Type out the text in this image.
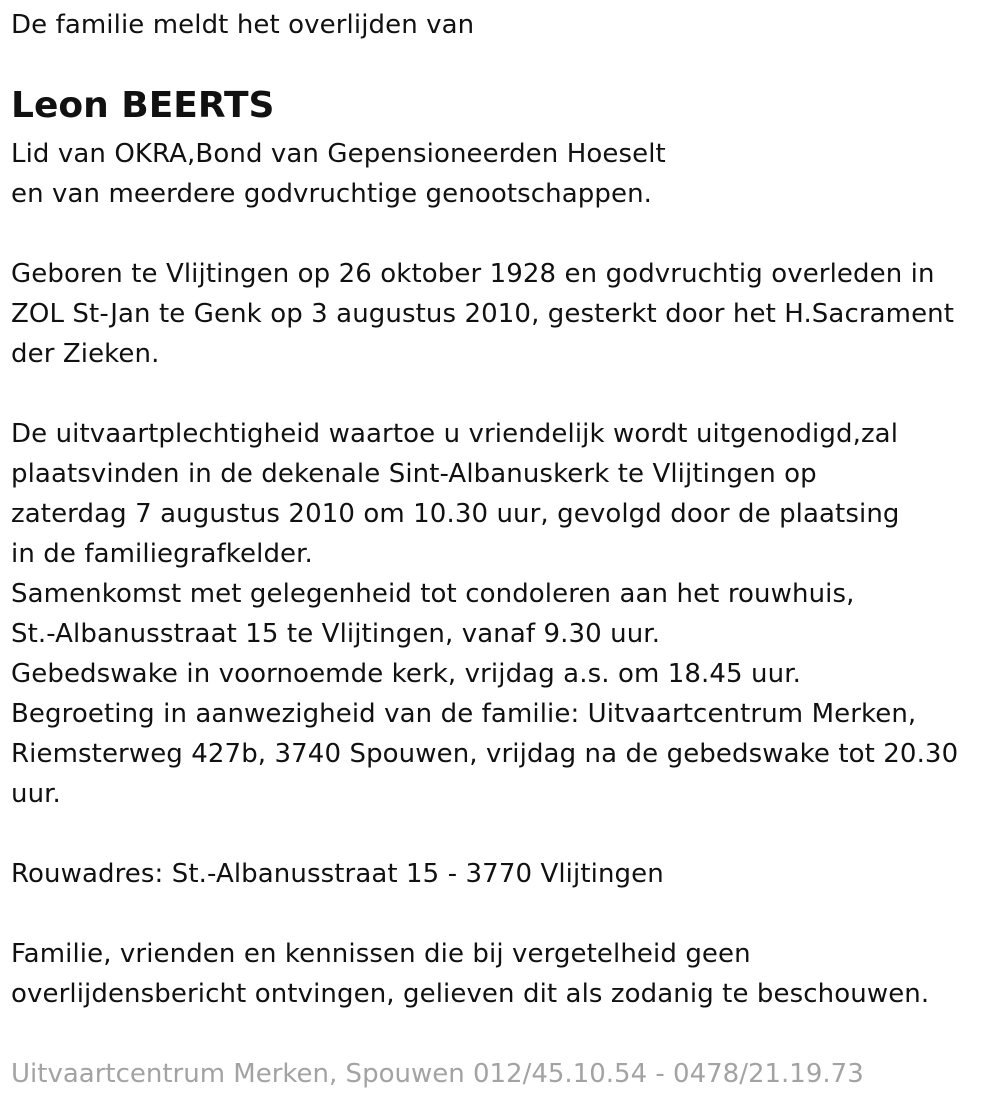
De familie meldt het overlijden van
Leon BEERTS
Lid van OKRA,Bond van Gepensioneerden Hoeselt
en van meerdere godvruchtige genootschappen.
Geboren te Vlijtingen op 26 oktober 1928 en godvruchtig overleden in
ZOL St-Jan te Genk op 3 augustus 2010, gesterkt door het H.Sacrament
der Zieken.
De uitvaartplechtigheid waartoe u vriendelijk wordt uitgenodigd,zal
plaatsvinden in de dekenale Sint-Albanuskerk te Vlijtingen op
zaterdag 7 augustus 2010 om 10.30 uur, gevolgd door de plaatsing
in de familiegrafkelder.
Samenkomst met gelegenheid tot condoleren aan het rouwhuis,
St.-Albanusstraat 15 te Vlijtingen, vanaf 9.30 uur.
Gebedswake in voornoemde kerk, vrijdag a.s. om 18.45 uur.
Begroeting in aanwezigheid van de familie: Uitvaartcentrum Merken,
Riemsterweg 427b, 3740 Spouwen, vrijdag na de gebedswake tot 20.30
uur.
Rouwadres: St.-Albanusstraat 15 - 3770 Vlijtingen
Familie, vrienden en kennissen die bij vergetelheid geen
overlijdensbericht ontvingen, gelieven dit als zodanig te beschouwen.
Uitvaartcentrum Merken, Spouwen 012/45.10.54 - 0478/21.19.73
